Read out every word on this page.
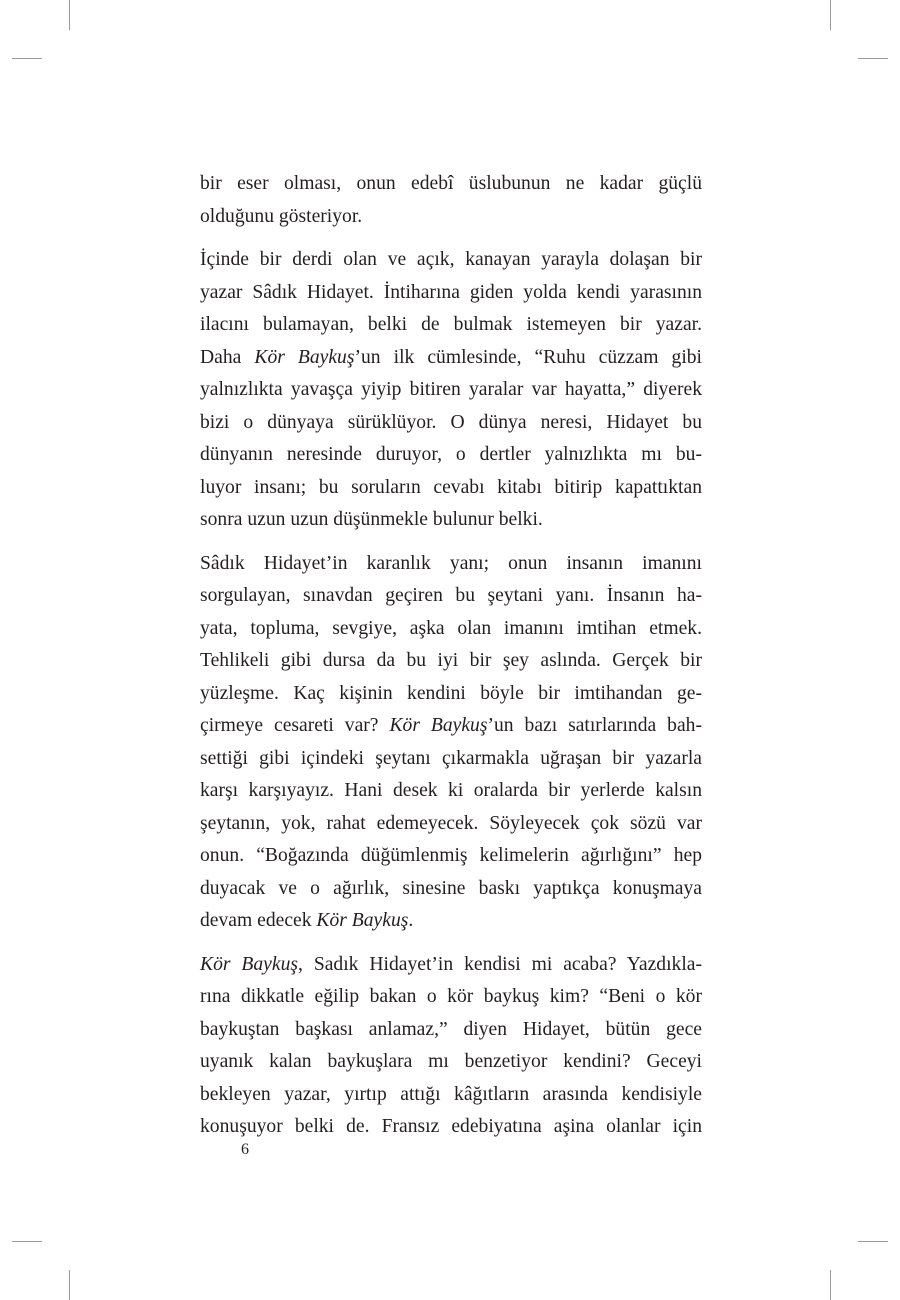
bir eser olması, onun edebî üslubunun ne kadar güçlü
olduğunu gösteriyor.

İçinde bir derdi olan ve açık, kanayan yarayla dolaşan bir
yazar Sâdık Hidayet. İntiharına giden yolda kendi yarasının
ilacını bulamayan, belki de bulmak istemeyen bir yazar.
Daha Kör Baykuş’un ilk cümlesinde, “Ruhu cüzzam gibi
yalnızlıkta yavaşça yiyip bitiren yaralar var hayatta,” diyerek
bizi o dünyaya sürüklüyor. O dünya neresi, Hidayet bu
dünyanın neresinde duruyor, o dertler yalnızlıkta mı bu-
luyor insanı; bu soruların cevabı kitabı bitirip kapattıktan
sonra uzun uzun düşünmekle bulunur belki.

Sâdık Hidayet’in karanlık yanı; onun insanın imanını
sorgulayan, sınavdan geçiren bu şeytani yanı. İnsanın ha-
yata, topluma, sevgiye, aşka olan imanını imtihan etmek.
Tehlikeli gibi dursa da bu iyi bir şey aslında. Gerçek bir
yüzleşme. Kaç kişinin kendini böyle bir imtihandan ge-
çirmeye cesareti var? Kör Baykuş’un bazı satırlarında bah-
settiği gibi içindeki şeytanı çıkarmakla uğraşan bir yazarla
karşı karşıyayız. Hani desek ki oralarda bir yerlerde kalsın
şeytanın, yok, rahat edemeyecek. Söyleyecek çok sözü var
onun. “Boğazında düğümlenmiş kelimelerin ağırlığını” hep
duyacak ve o ağırlık, sinesine baskı yaptıkça konuşmaya
devam edecek Kör Baykuş.

Kör Baykuş, Sadık Hidayet’in kendisi mi acaba? Yazdıkla-
rına dikkatle eğilip bakan o kör baykuş kim? “Beni o kör
baykuştan başkası anlamaz,” diyen Hidayet, bütün gece
uyanık kalan baykuşlara mı benzetiyor kendini? Geceyi
bekleyen yazar, yırtıp attığı kâğıtların arasında kendisiyle
konuşuyor belki de. Fransız edebiyatına aşina olanlar için

6
